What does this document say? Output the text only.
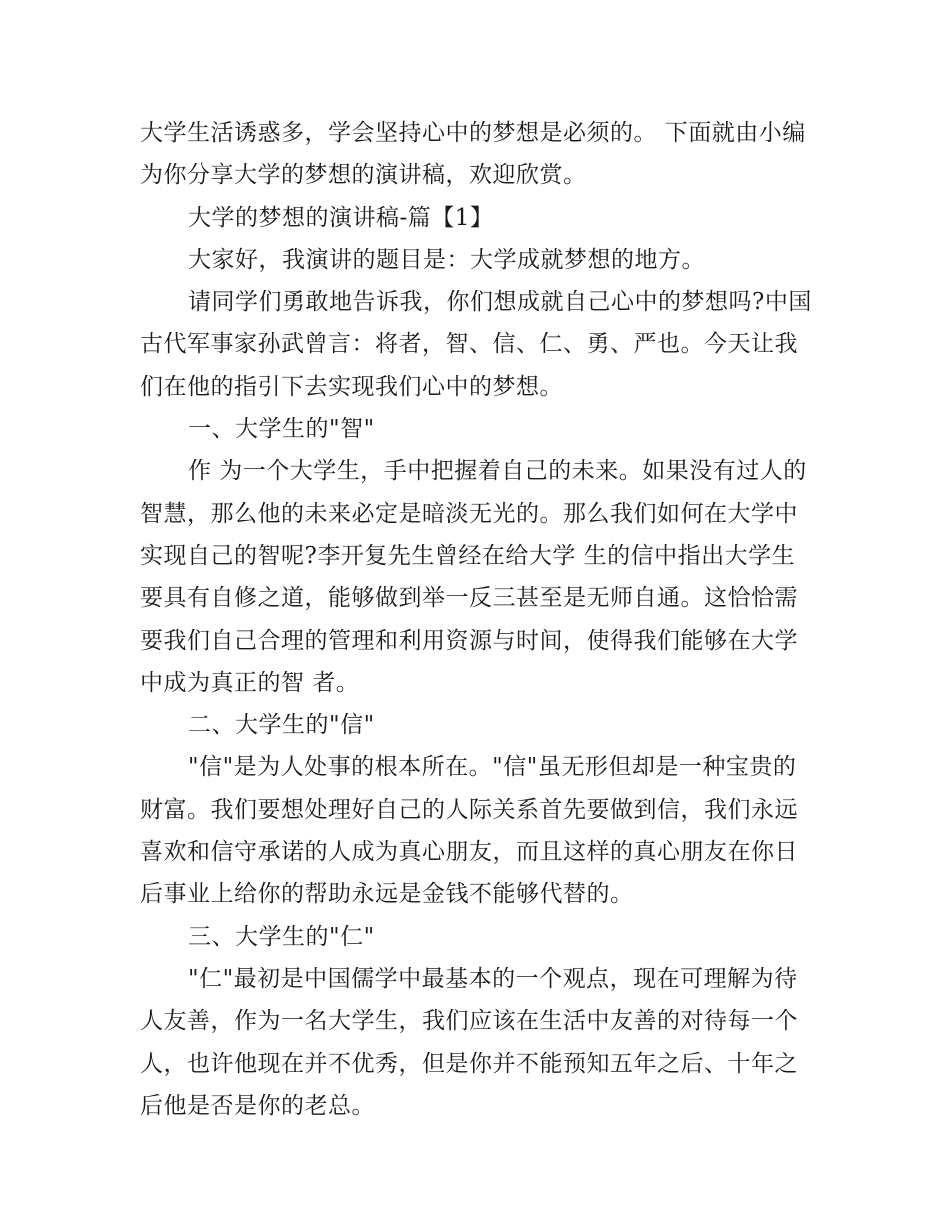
大学生活诱惑多，学会坚持心中的梦想是必须的。 下面就由小编为你分享大学的梦想的演讲稿，欢迎欣赏。

大学的梦想的演讲稿-篇【1】

大家好，我演讲的题目是：大学成就梦想的地方。

请同学们勇敢地告诉我，你们想成就自己心中的梦想吗?中国古代军事家孙武曾言：将者，智、信、仁、勇、严也。今天让我们在他的指引下去实现我们心中的梦想。

一、大学生的"智"

作 为一个大学生，手中把握着自己的未来。如果没有过人的智慧，那么他的未来必定是暗淡无光的。那么我们如何在大学中实现自己的智呢?李开复先生曾经在给大学 生的信中指出大学生要具有自修之道，能够做到举一反三甚至是无师自通。这恰恰需要我们自己合理的管理和利用资源与时间，使得我们能够在大学中成为真正的智 者。

二、大学生的"信"

"信"是为人处事的根本所在。"信"虽无形但却是一种宝贵的财富。我们要想处理好自己的人际关系首先要做到信，我们永远喜欢和信守承诺的人成为真心朋友，而且这样的真心朋友在你日后事业上给你的帮助永远是金钱不能够代替的。

三、大学生的"仁"

"仁"最初是中国儒学中最基本的一个观点，现在可理解为待人友善，作为一名大学生，我们应该在生活中友善的对待每一个人，也许他现在并不优秀，但是你并不能预知五年之后、十年之后他是否是你的老总。
